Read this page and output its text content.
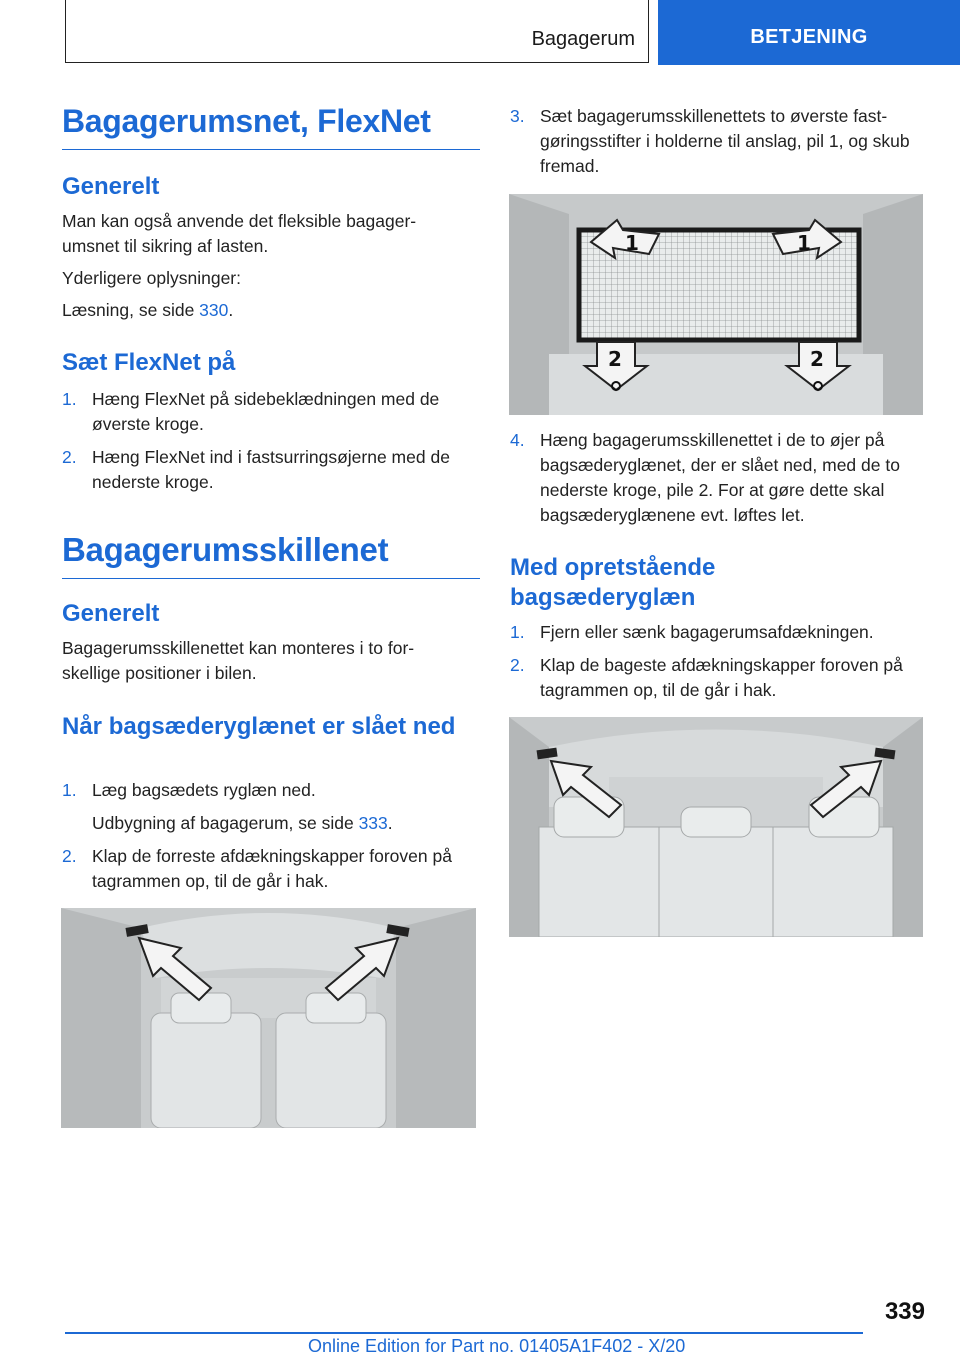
Bagagerum	BETJENING
Bagagerumsnet, FlexNet
Generelt

Man kan også anvende det fleksible bagager-
umsnet til sikring af lasten.

Yderligere oplysninger:

Læsning, se side 330.

Sæt FlexNet på
1. Hæng FlexNet på sidebeklædningen med de øverste kroge.
2. Hæng FlexNet ind i fastsurringsøjerne med de nederste kroge.
Bagagerumsskillenet
Generelt

Bagagerumsskillenettet kan monteres i to for-
skellige positioner i bilen.

Når bagsæderyglænet er slået ned
1. Læg bagsædets ryglæn ned.
Udbygning af bagagerum, se side 333.
2. Klap de forreste afdækningskapper foroven på tagrammen op, til de går i hak.
3. Sæt bagagerumsskillenettets to øverste fast-
gøringsstifter i holderne til anslag, pil 1, og skub fremad.
4. Hæng bagagerumsskillenettet i de to øjer på bagsæderyglænet, der er slået ned, med de to nederste kroge, pile 2. For at gøre dette skal bagsæderyglænene evt. løftes let.
Med opretstående bagsæderyglæn
1. Fjern eller sænk bagagerumsafdækningen.
2. Klap de bageste afdækningskapper foroven på tagrammen op, til de går i hak.
1	1
2	2
339
Online Edition for Part no. 01405A1F402 - X/20
